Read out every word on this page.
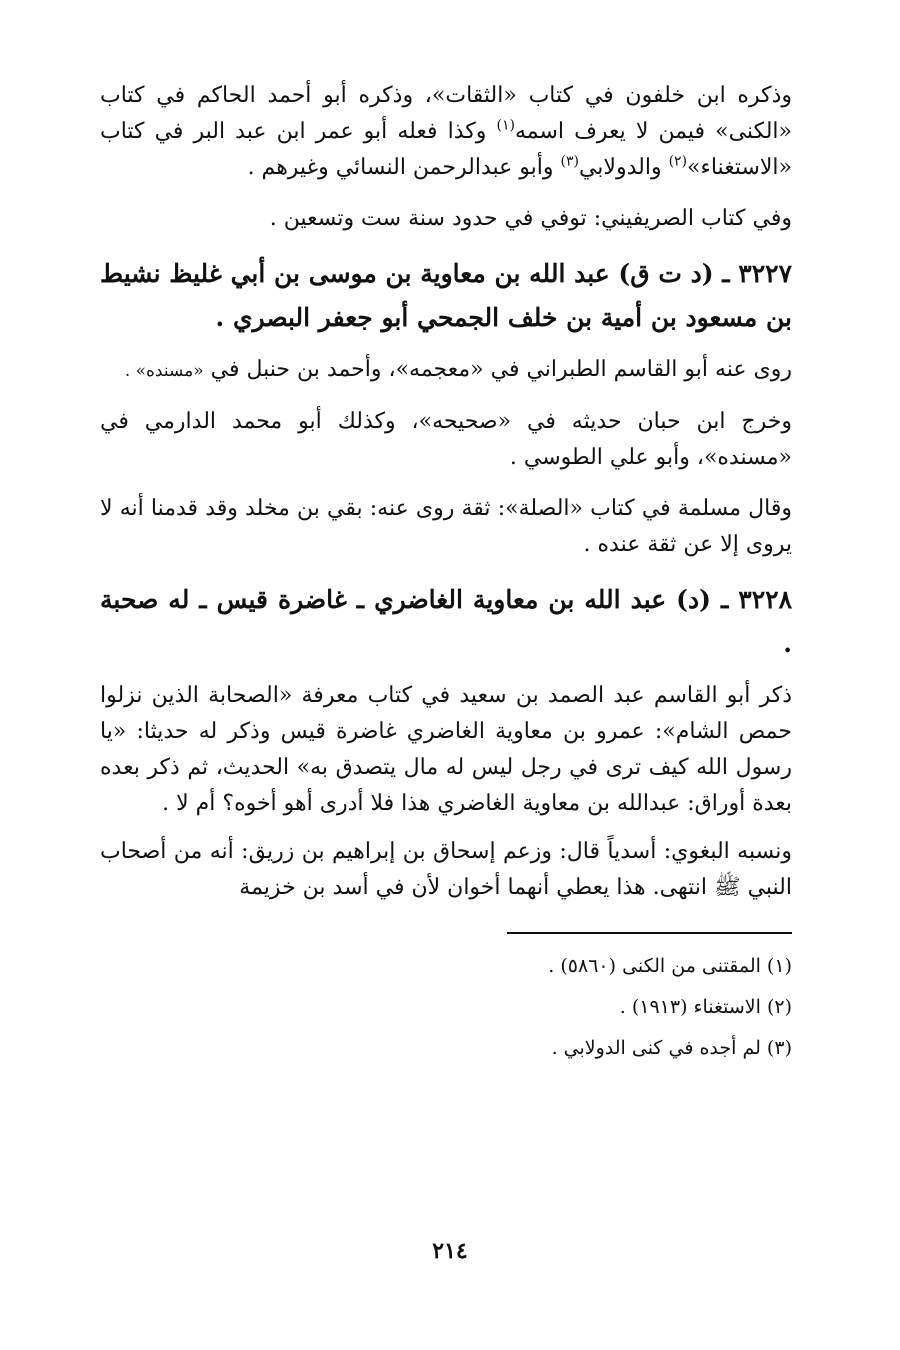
وذكره ابن خلفون في كتاب «الثقات»، وذكره أبو أحمد الحاكم في كتاب «الكنى» فيمن لا يعرف اسمه$^{(١)}$ وكذا فعله أبو عمر ابن عبد البر في كتاب «الاستغناء»$^{(٢)}$ والدولابي$^{(٣)}$ وأبو عبدالرحمن النسائي وغيرهم .

وفي كتاب الصريفيني: توفي في حدود سنة ست وتسعين .

٣٢٢٧ ـ (د ت ق) عبد الله بن معاوية بن موسى بن أبي غليظ نشيط بن مسعود بن أمية بن خلف الجمحي أبو جعفر البصري .

روى عنه أبو القاسم الطبراني في «معجمه»، وأحمد بن حنبل في «مسنده» .

وخرج ابن حبان حديثه في «صحيحه»، وكذلك أبو محمد الدارمي في «مسنده»، وأبو علي الطوسي .

وقال مسلمة في كتاب «الصلة»: ثقة روى عنه: بقي بن مخلد وقد قدمنا أنه لا يروى إلا عن ثقة عنده .

٣٢٢٨ ـ (د) عبد الله بن معاوية الغاضري ـ غاضرة قيس ـ له صحبة .

ذكر أبو القاسم عبد الصمد بن سعيد في كتاب معرفة «الصحابة الذين نزلوا حمص الشام»: عمرو بن معاوية الغاضري غاضرة قيس وذكر له حديثا: «يا رسول الله كيف ترى في رجل ليس له مال يتصدق به» الحديث، ثم ذكر بعده بعدة أوراق: عبدالله بن معاوية الغاضري هذا فلا أدرى أهو أخوه؟ أم لا .

ونسبه البغوي: أسدياً قال: وزعم إسحاق بن إبراهيم بن زريق: أنه من أصحاب النبي ﷺ انتهى. هذا يعطي أنهما أخوان لأن في أسد بن خزيمة

(١) المقتنى من الكنى (٥٨٦٠) .

(٢) الاستغناء (١٩١٣) .

(٣) لم أجده في كنى الدولابي .

٢١٤
